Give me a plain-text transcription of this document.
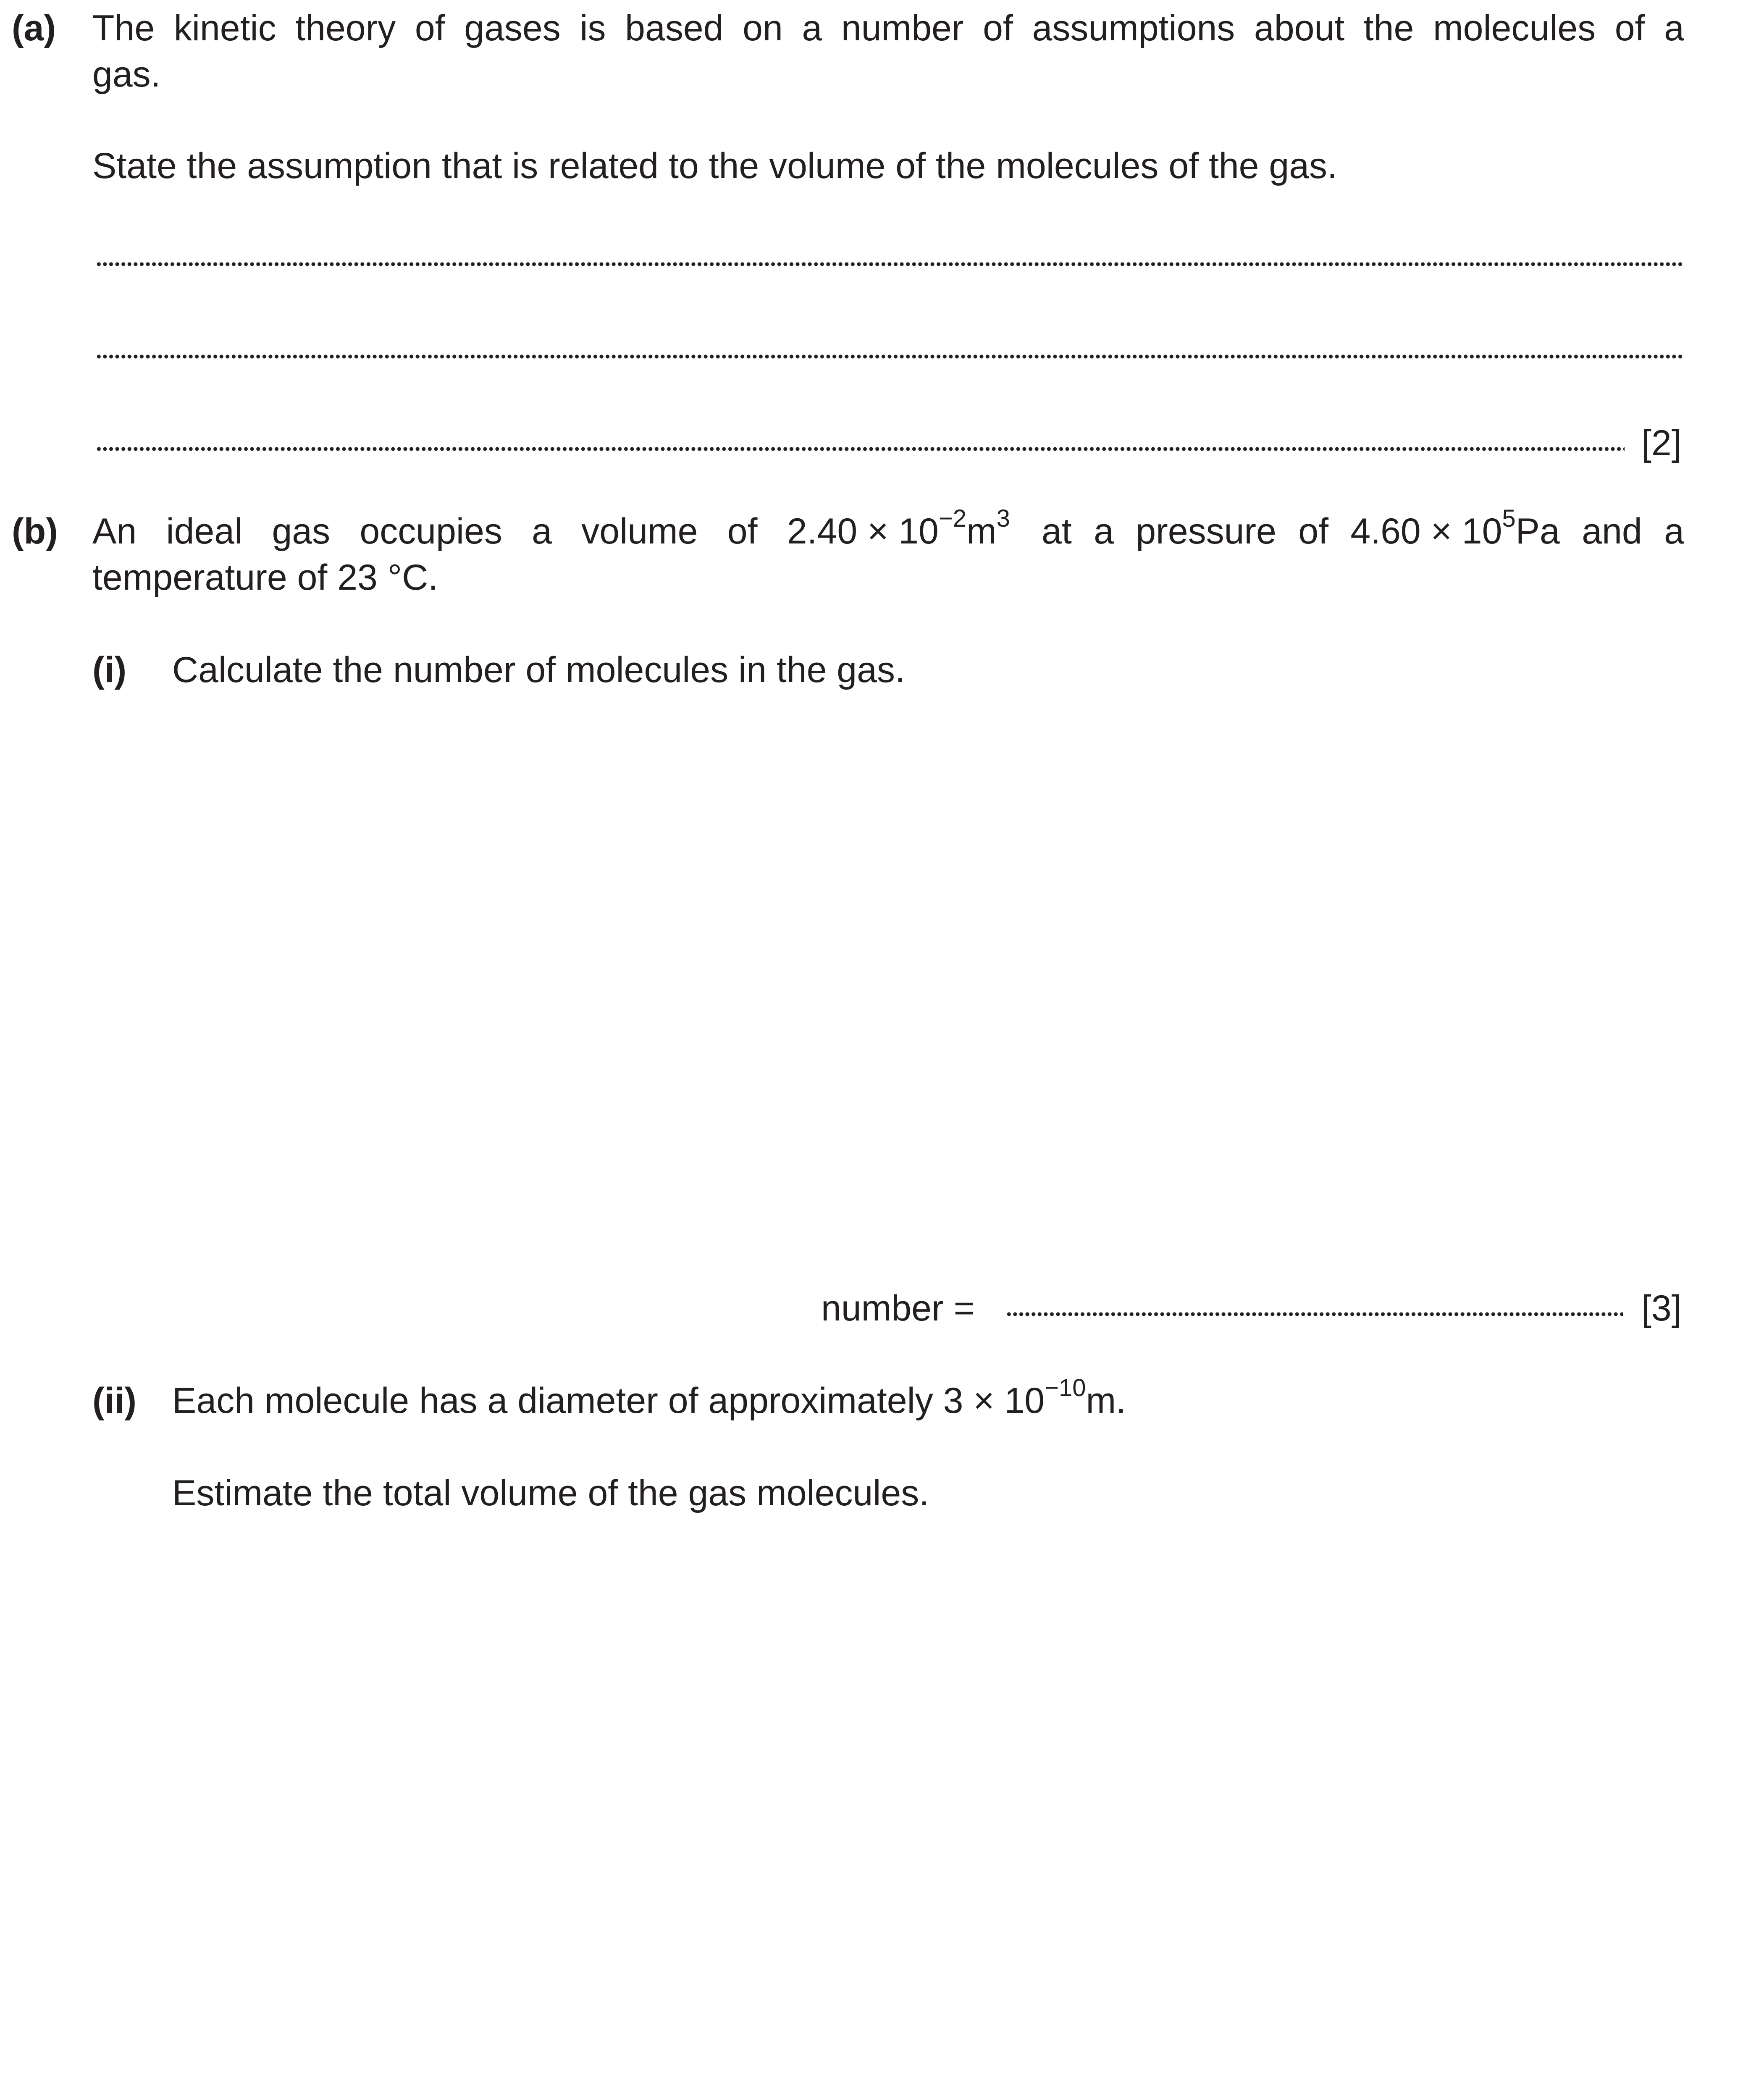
(a) The kinetic theory of gases is based on a number of assumptions about the molecules of a
gas.
State the assumption that is related to the volume of the molecules of the gas.
[2]
(b) An ideal gas occupies a volume of $2.40 \times 10^{-2}m^3$ at a pressure of $4.60 \times 10^5Pa$ and a
temperature of 23 °C.
(i) Calculate the number of molecules in the gas.
number =	[3]
(ii) Each molecule has a diameter of approximately $3 \times 10^{-10}m$.
Estimate the total volume of the gas molecules.
